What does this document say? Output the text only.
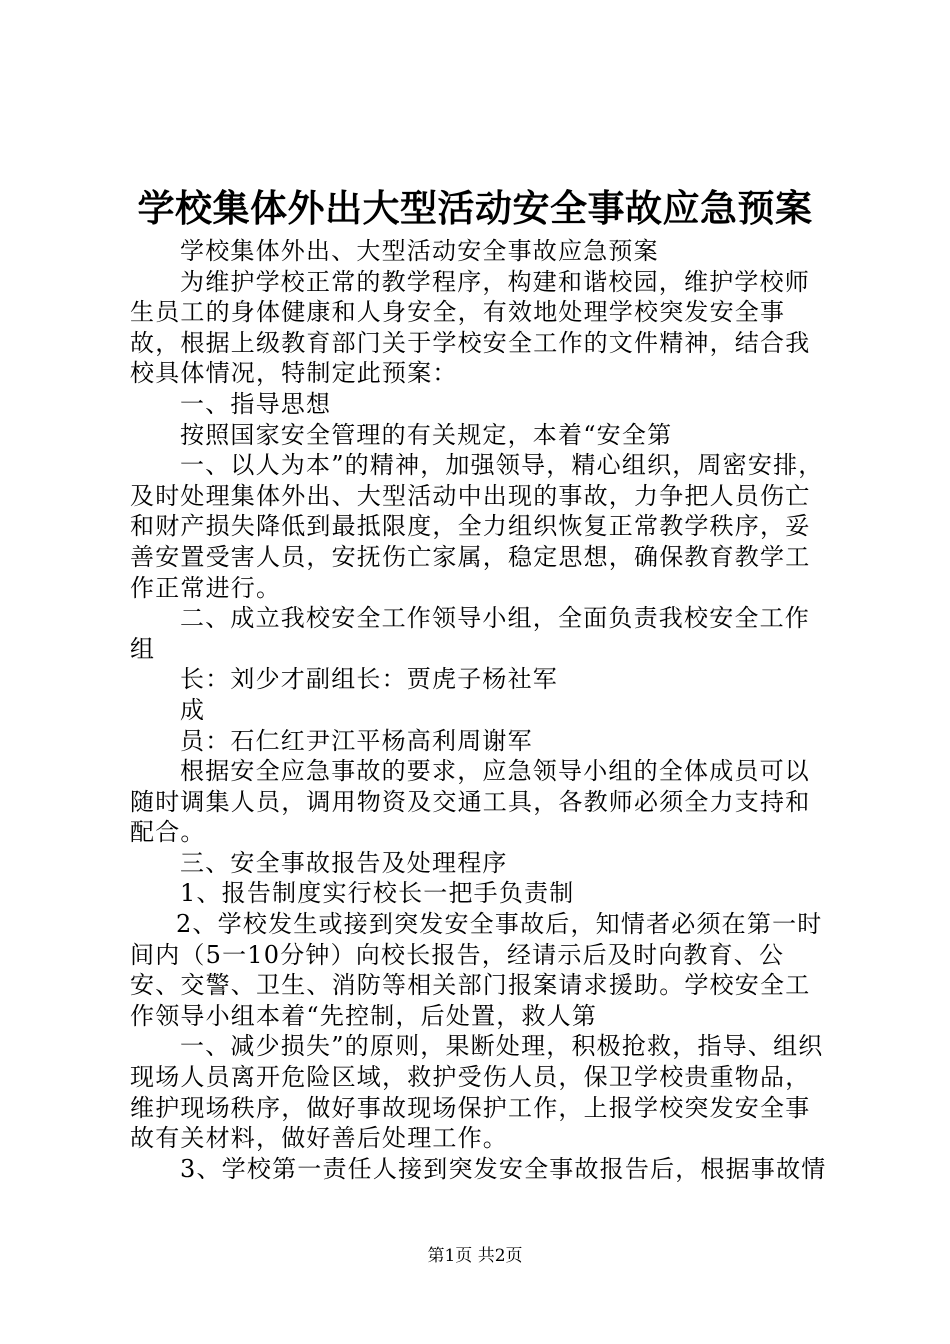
学校集体外出大型活动安全事故应急预案

学校集体外出、大型活动安全事故应急预案

为维护学校正常的教学程序，构建和谐校园，维护学校师生员工的身体健康和人身安全，有效地处理学校突发安全事故，根据上级教育部门关于学校安全工作的文件精神，结合我校具体情况，特制定此预案：

一、指导思想

按照国家安全管理的有关规定，本着“安全第

一、以人为本”的精神，加强领导，精心组织，周密安排，及时处理集体外出、大型活动中出现的事故，力争把人员伤亡和财产损失降低到最抵限度，全力组织恢复正常教学秩序，妥善安置受害人员，安抚伤亡家属，稳定思想，确保教育教学工作正常进行。

二、成立我校安全工作领导小组，全面负责我校安全工作组

长：刘少才副组长：贾虎子杨社军

成

员：石仁红尹江平杨高利周谢军

根据安全应急事故的要求，应急领导小组的全体成员可以随时调集人员，调用物资及交通工具，各教师必须全力支持和配合。

三、安全事故报告及处理程序

1、报告制度实行校长一把手负责制

2、学校发生或接到突发安全事故后，知情者必须在第一时间内（5一10分钟）向校长报告，经请示后及时向教育、公安、交警、卫生、消防等相关部门报案请求援助。学校安全工作领导小组本着“先控制，后处置，救人第

一、减少损失”的原则，果断处理，积极抢救，指导、组织现场人员离开危险区域，救护受伤人员，保卫学校贵重物品，维护现场秩序，做好事故现场保护工作，上报学校突发安全事故有关材料，做好善后处理工作。

3、学校第一责任人接到突发安全事故报告后，根据事故情

第1页 共2页
